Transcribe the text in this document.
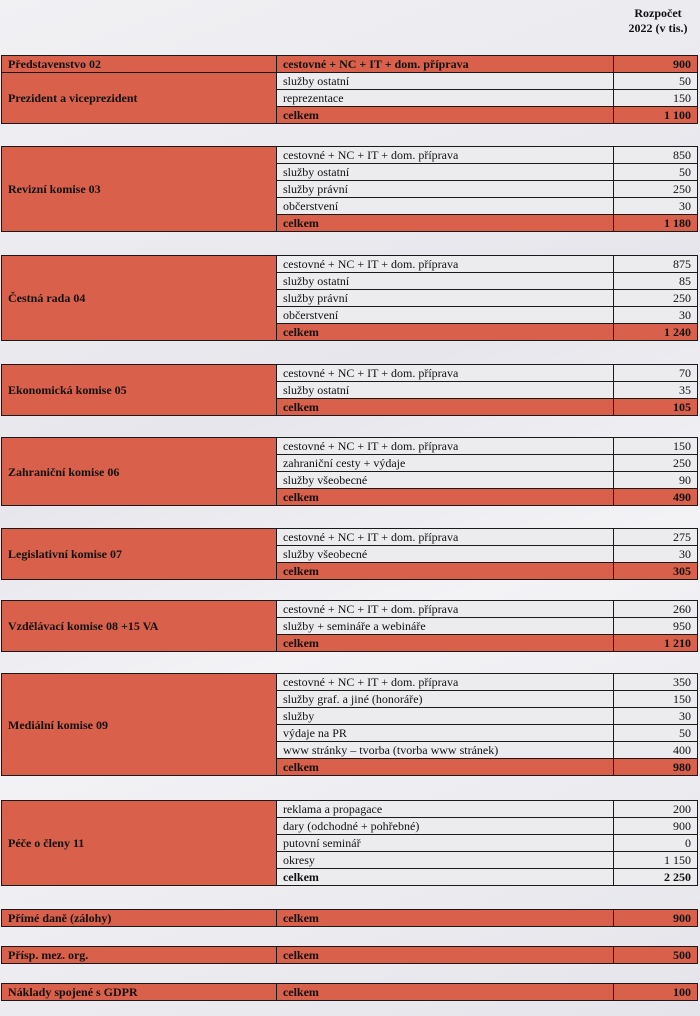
Rozpočet
2022 (v tis.)
Představenstvo 02	cestovné + NC + IT + dom. příprava	900
Prezident a viceprezident	služby ostatní	50
	reprezentace	150
	celkem	1 100
Revizní komise 03	cestovné + NC + IT + dom. příprava	850
	služby ostatní	50
	služby právní	250
	občerstvení	30
	celkem	1 180
Čestná rada 04	cestovné + NC + IT + dom. příprava	875
	služby ostatní	85
	služby právní	250
	občerstvení	30
	celkem	1 240
Ekonomická komise 05	cestovné + NC + IT + dom. příprava	70
	služby ostatní	35
	celkem	105
Zahraniční komise 06	cestovné + NC + IT + dom. příprava	150
	zahraniční cesty + výdaje	250
	služby všeobecné	90
	celkem	490
Legislativní komise 07	cestovné + NC + IT + dom. příprava	275
	služby všeobecné	30
	celkem	305
Vzdělávací komise 08 +15 VA	cestovné + NC + IT + dom. příprava	260
	služby + semináře a webináře	950
	celkem	1 210
Mediální komise 09	cestovné + NC + IT + dom. příprava	350
	služby graf. a jiné (honoráře)	150
	služby	30
	výdaje na PR	50
	www stránky – tvorba (tvorba www stránek)	400
	celkem	980
Péče o členy 11	reklama a propagace	200
	dary (odchodné + pohřebné)	900
	putovní seminář	0
	okresy	1 150
	celkem	2 250
Přímé daně (zálohy)	celkem	900
Přísp. mez. org.	celkem	500
Náklady spojené s GDPR	celkem	100
